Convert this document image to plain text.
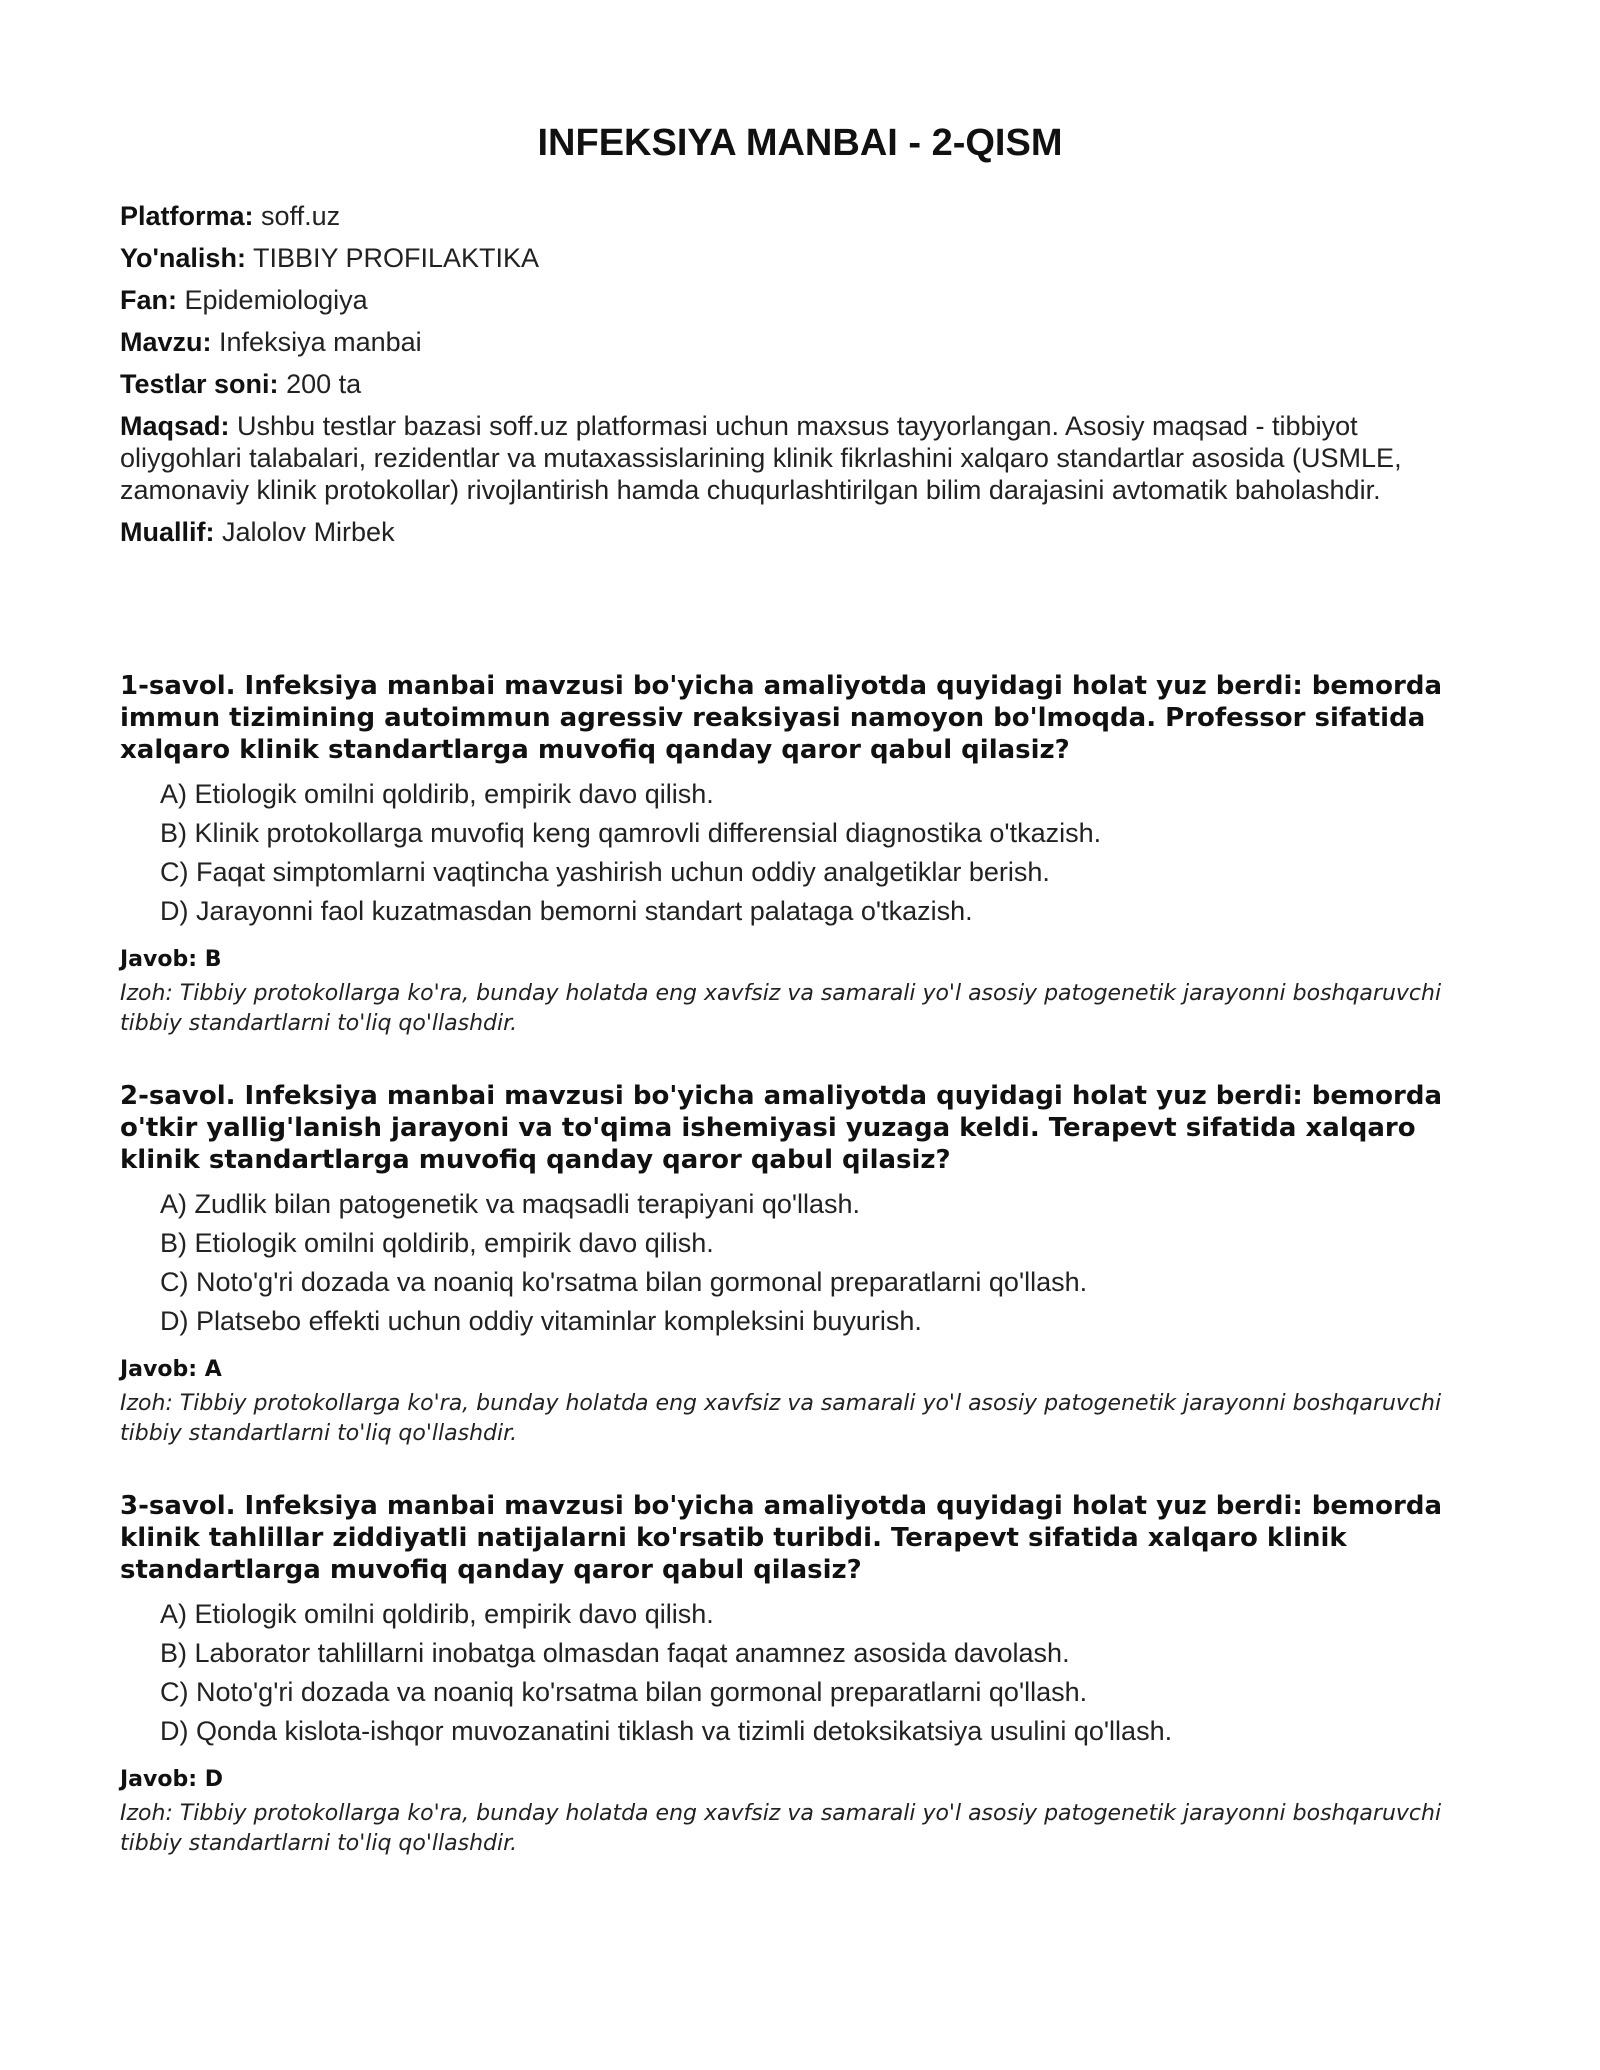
INFEKSIYA MANBAI - 2-QISM
Platforma: soff.uz
Yo'nalish: TIBBIY PROFILAKTIKA
Fan: Epidemiologiya
Mavzu: Infeksiya manbai
Testlar soni: 200 ta
Maqsad: Ushbu testlar bazasi soff.uz platformasi uchun maxsus tayyorlangan. Asosiy maqsad - tibbiyot oliygohlari talabalari, rezidentlar va mutaxassislarining klinik fikrlashini xalqaro standartlar asosida (USMLE, zamonaviy klinik protokollar) rivojlantirish hamda chuqurlashtirilgan bilim darajasini avtomatik baholashdir.
Muallif: Jalolov Mirbek

1-savol. Infeksiya manbai mavzusi bo'yicha amaliyotda quyidagi holat yuz berdi: bemorda immun tizimining autoimmun agressiv reaksiyasi namoyon bo'lmoqda. Professor sifatida xalqaro klinik standartlarga muvofiq qanday qaror qabul qilasiz?

A) Etiologik omilni qoldirib, empirik davo qilish.
B) Klinik protokollarga muvofiq keng qamrovli differensial diagnostika o'tkazish.
C) Faqat simptomlarni vaqtincha yashirish uchun oddiy analgetiklar berish.
D) Jarayonni faol kuzatmasdan bemorni standart palataga o'tkazish.
Javob: B
Izoh: Tibbiy protokollarga ko'ra, bunday holatda eng xavfsiz va samarali yo'l asosiy patogenetik jarayonni boshqaruvchi tibbiy standartlarni to'liq qo'llashdir.

2-savol. Infeksiya manbai mavzusi bo'yicha amaliyotda quyidagi holat yuz berdi: bemorda o'tkir yallig'lanish jarayoni va to'qima ishemiyasi yuzaga keldi. Terapevt sifatida xalqaro klinik standartlarga muvofiq qanday qaror qabul qilasiz?

A) Zudlik bilan patogenetik va maqsadli terapiyani qo'llash.
B) Etiologik omilni qoldirib, empirik davo qilish.
C) Noto'g'ri dozada va noaniq ko'rsatma bilan gormonal preparatlarni qo'llash.
D) Platsebo effekti uchun oddiy vitaminlar kompleksini buyurish.
Javob: A
Izoh: Tibbiy protokollarga ko'ra, bunday holatda eng xavfsiz va samarali yo'l asosiy patogenetik jarayonni boshqaruvchi tibbiy standartlarni to'liq qo'llashdir.

3-savol. Infeksiya manbai mavzusi bo'yicha amaliyotda quyidagi holat yuz berdi: bemorda klinik tahlillar ziddiyatli natijalarni ko'rsatib turibdi. Terapevt sifatida xalqaro klinik standartlarga muvofiq qanday qaror qabul qilasiz?

A) Etiologik omilni qoldirib, empirik davo qilish.
B) Laborator tahlillarni inobatga olmasdan faqat anamnez asosida davolash.
C) Noto'g'ri dozada va noaniq ko'rsatma bilan gormonal preparatlarni qo'llash.
D) Qonda kislota-ishqor muvozanatini tiklash va tizimli detoksikatsiya usulini qo'llash.
Javob: D
Izoh: Tibbiy protokollarga ko'ra, bunday holatda eng xavfsiz va samarali yo'l asosiy patogenetik jarayonni boshqaruvchi tibbiy standartlarni to'liq qo'llashdir.
